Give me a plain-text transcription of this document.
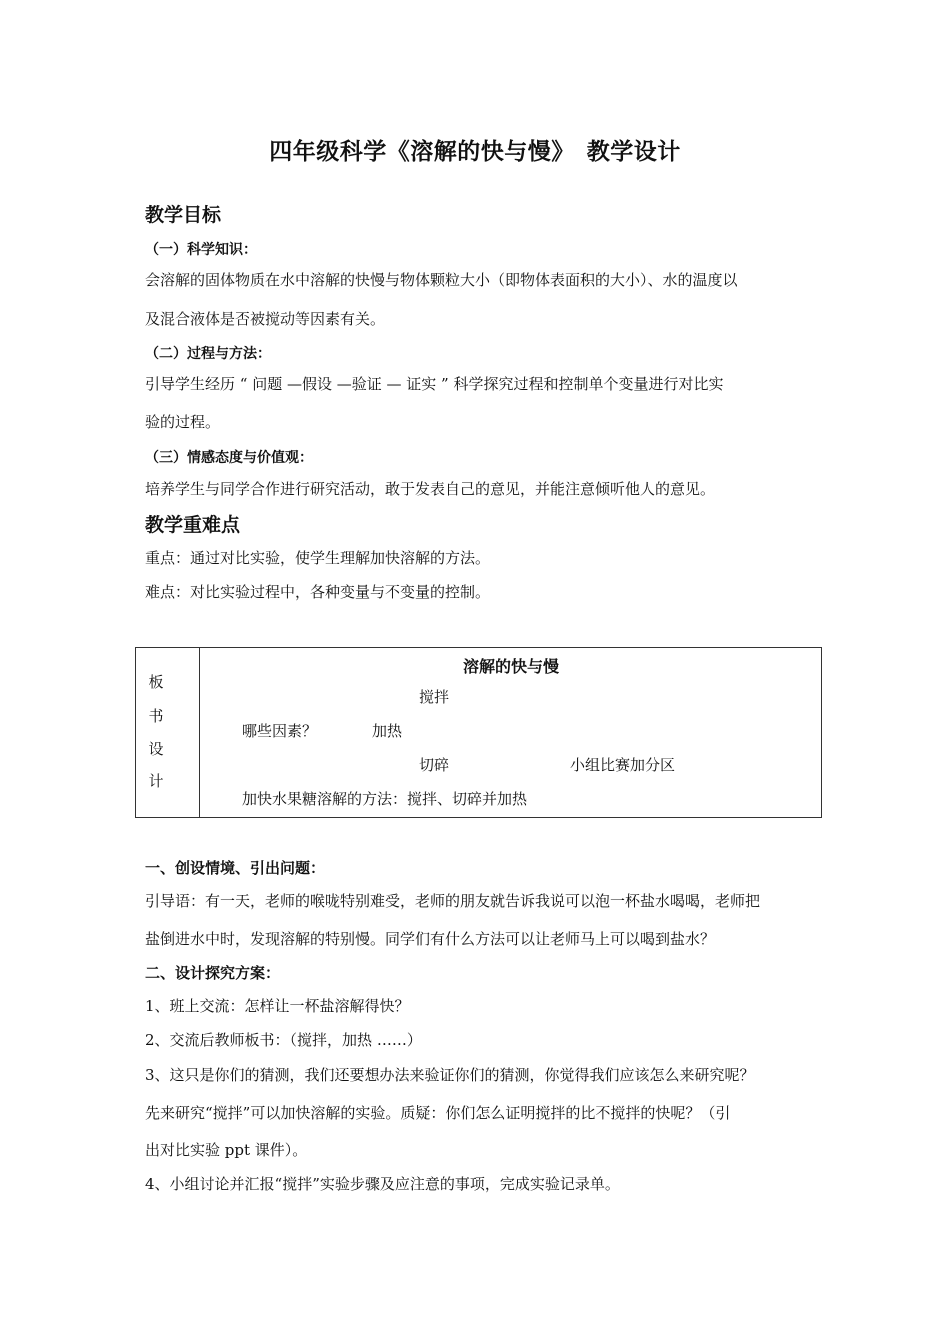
四年级科学《溶解的快与慢》　教学设计
教学目标
（一）科学知识：
会溶解的固体物质在水中溶解的快慢与物体颗粒大小（即物体表面积的大小）、水的温度以
及混合液体是否被搅动等因素有关。
（二）过程与方法：
引导学生经历 “ 问题 —假设 —验证 — 证实 ” 科学探究过程和控制单个变量进行对比实
验的过程。
（三）情感态度与价值观：
培养学生与同学合作进行研究活动，敢于发表自己的意见，并能注意倾听他人的意见。
教学重难点
重点：通过对比实验，使学生理解加快溶解的方法。
难点：对比实验过程中，各种变量与不变量的控制。
板
书
设
计
溶解的快与慢
搅拌
哪些因素？	加热
切碎	小组比赛加分区
加快水果糖溶解的方法：搅拌、切碎并加热
一、创设情境、引出问题：
引导语：有一天，老师的喉咙特别难受，老师的朋友就告诉我说可以泡一杯盐水喝喝，老师把
盐倒进水中时，发现溶解的特别慢。同学们有什么方法可以让老师马上可以喝到盐水？
二、设计探究方案：
1、班上交流：怎样让一杯盐溶解得快？
2、交流后教师板书：（搅拌，加热 ……）
3、这只是你们的猜测，我们还要想办法来验证你们的猜测，你觉得我们应该怎么来研究呢？
先来研究“搅拌”可以加快溶解的实验。质疑：你们怎么证明搅拌的比不搅拌的快呢？（引
出对比实验 ppt 课件）。
4、小组讨论并汇报“搅拌”实验步骤及应注意的事项，完成实验记录单。
